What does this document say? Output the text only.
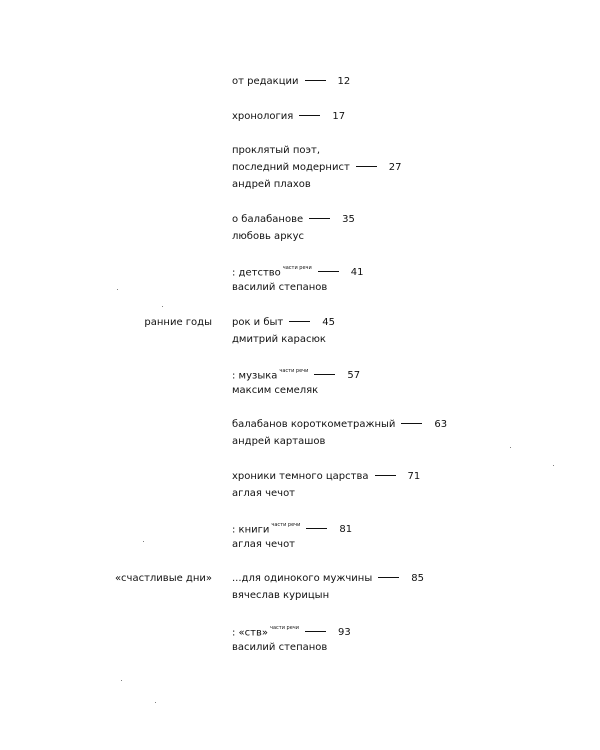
ранние годы
«счастливые дни»
от редакции	12
хронология	17
проклятый поэт,
последний модернист	27
андрей плахов
о балабанове	35
любовь аркус
: детство $^{части речи}$	41
василий степанов
рок и быт	45
дмитрий карасюк
: музыка $^{части речи}$	57
максим семеляк
балабанов короткометражный	63
андрей карташов
хроники темного царства	71
аглая чечот
: книги $^{части речи}$	81
аглая чечот
...для одинокого мужчины	85
вячеслав курицын
: «ств» $^{части речи}$	93
василий степанов
